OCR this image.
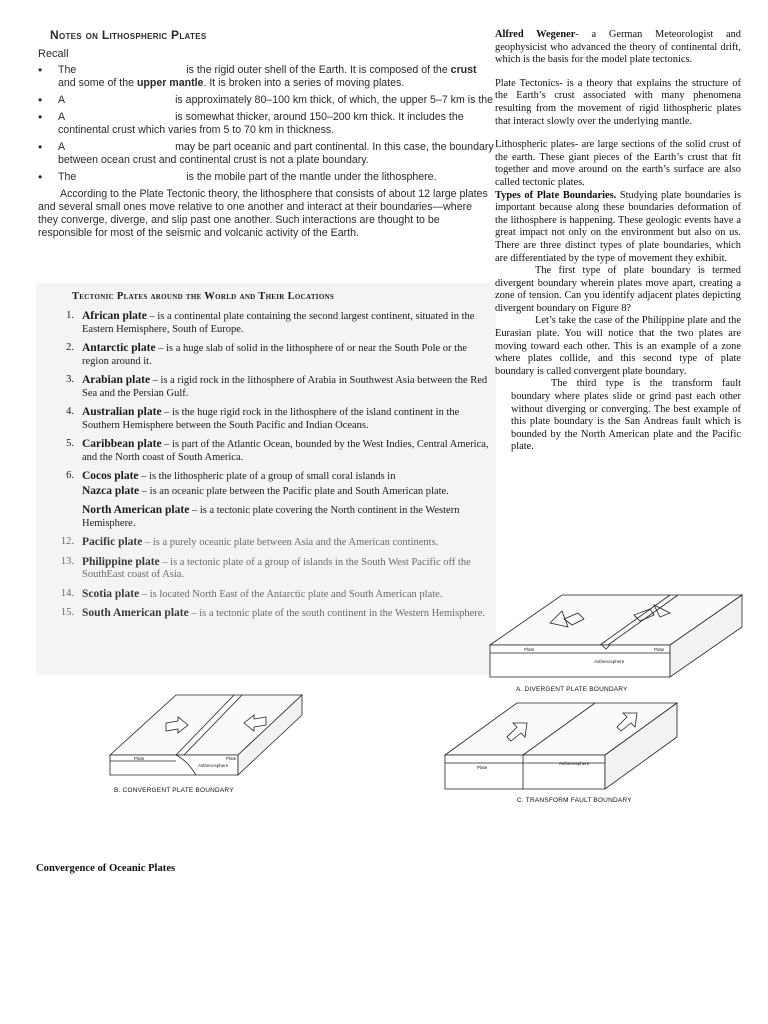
Notes on Lithospheric Plates
Recall
• The	is the rigid outer shell of the Earth. It is composed of the crust and some of the upper mantle. It is broken into a series of moving plates.
• A	is approximately 80–100 km thick, of which, the upper 5–7 km is the
• A	is somewhat thicker, around 150–200 km thick. It includes the continental crust which varies from 5 to 70 km in thickness.
• A	may be part oceanic and part continental. In this case, the boundary between ocean crust and continental crust is not a plate boundary.
• The	is the mobile part of the mantle under the lithosphere.
According to the Plate Tectonic theory, the lithosphere that consists of about 12 large plates and several small ones move relative to one another and interact at their boundaries—where they converge, diverge, and slip past one another. Such interactions are thought to be responsible for most of the seismic and volcanic activity of the Earth.
Tectonic Plates around the World and Their Locations
1. African plate – is a continental plate containing the second largest continent, situated in the Eastern Hemisphere, South of Europe.
2. Antarctic plate – is a huge slab of solid in the lithosphere of or near the South Pole or the region around it.
3. Arabian plate – is a rigid rock in the lithosphere of Arabia in Southwest Asia between the Red Sea and the Persian Gulf.
4. Australian plate – is the huge rigid rock in the lithosphere of the island continent in the Southern Hemisphere between the South Pacific and Indian Oceans.
5. Caribbean plate – is part of the Atlantic Ocean, bounded by the West Indies, Central America, and the North coast of South America.
6. Cocos plate – is the lithospheric plate of a group of small coral islands in
Nazca plate – is an oceanic plate between the Pacific plate and South American plate.
North American plate – is a tectonic plate covering the North continent in the Western Hemisphere.
12. Pacific plate – is a purely oceanic plate between Asia and the American continents.
13. Philippine plate – is a tectonic plate of a group of islands in the South West Pacific off the SouthEast coast of Asia.
14. Scotia plate – is located North East of the Antarctic plate and South American plate.
15. South American plate – is a tectonic plate of the south continent in the Western Hemisphere.

Alfred Wegener- a German Meteorologist and geophysicist who advanced the theory of continental drift, which is the basis for the model plate tectonics.

Plate Tectonics- is a theory that explains the structure of the Earth’s crust associated with many phenomena resulting from the movement of rigid lithospheric plates that interact slowly over the underlying mantle.

Lithospheric plates- are large sections of the solid crust of the earth. These giant pieces of the Earth’s crust that fit together and move around on the earth’s surface are also called tectonic plates.

Types of Plate Boundaries. Studying plate boundaries is important because along these boundaries deformation of the lithosphere is happening. These geologic events have a great impact not only on the environment but also on us. There are three distinct types of plate boundaries, which are differentiated by the type of movement they exhibit.

The first type of plate boundary is termed divergent boundary wherein plates move apart, creating a zone of tension. Can you identify adjacent plates depicting divergent boundary on Figure 8?

Let’s take the case of the Philippine plate and the Eurasian plate. You will notice that the two plates are moving toward each other. This is an example of a zone where plates collide, and this second type of plate boundary is called convergent plate boundary.

The third type is the transform fault boundary where plates slide or grind past each other without diverging or converging. The best example of this plate boundary is the San Andreas fault which is bounded by the North American plate and the Pacific plate.

Plate	Plate
Asthenosphere
A. DIVERGENT PLATE BOUNDARY
Plate	Plate
Asthenosphere
B. CONVERGENT PLATE BOUNDARY
Plate
Asthenosphere
C. TRANSFORM FAULT BOUNDARY
Convergence of Oceanic Plates
